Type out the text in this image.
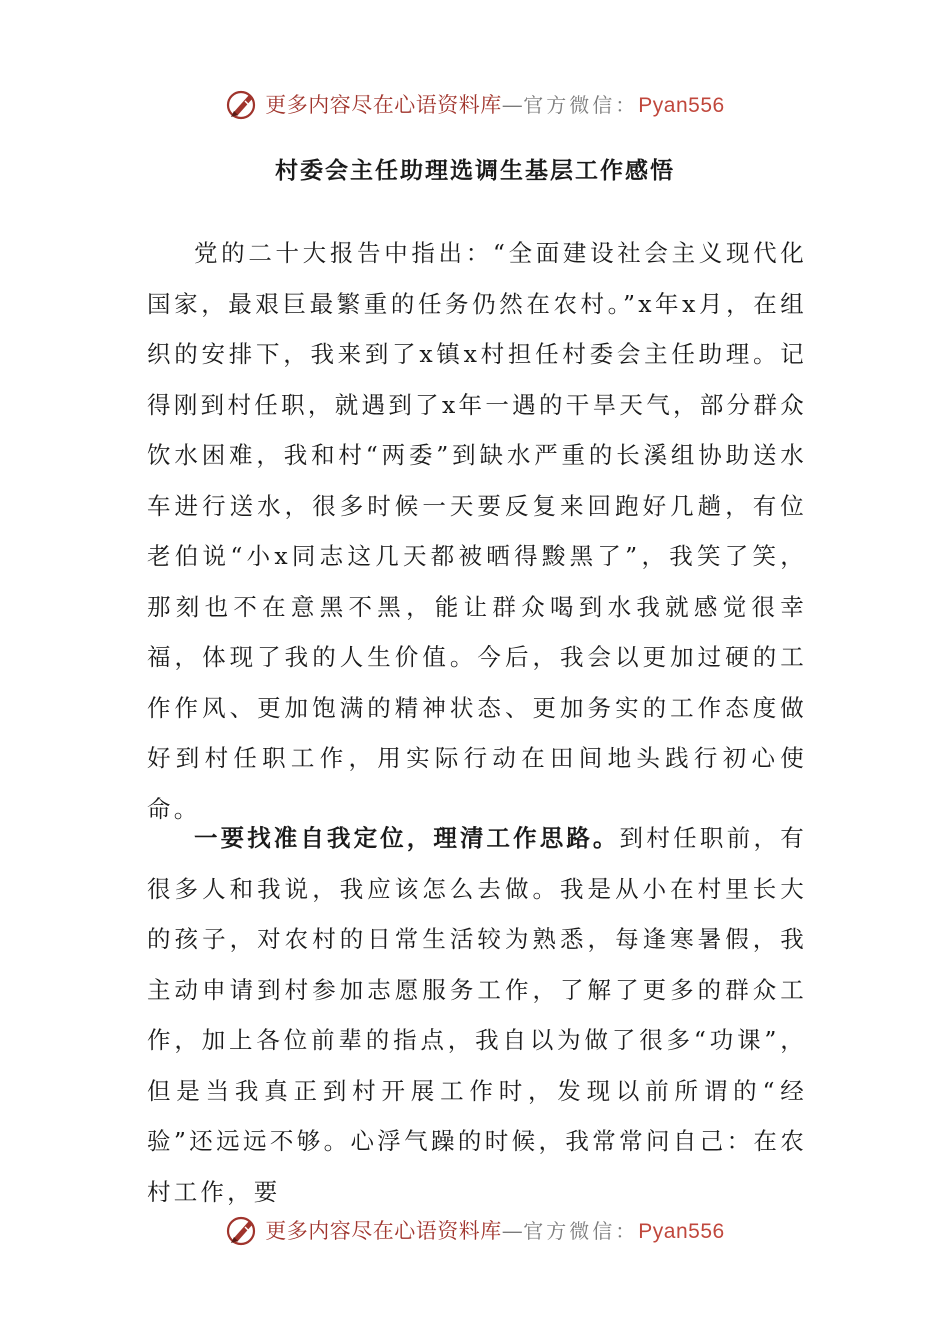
更多内容尽在心语资料库—官方微信：Pyan556
村委会主任助理选调生基层工作感悟

党的二十大报告中指出：“全面建设社会主义现代化国家，最艰巨最繁重的任务仍然在农村。”x年x月，在组织的安排下，我来到了x镇x村担任村委会主任助理。记得刚到村任职，就遇到了x年一遇的干旱天气，部分群众饮水困难，我和村“两委”到缺水严重的长溪组协助送水车进行送水，很多时候一天要反复来回跑好几趟，有位老伯说“小x同志这几天都被晒得黢黑了”，我笑了笑，那刻也不在意黑不黑，能让群众喝到水我就感觉很幸福，体现了我的人生价值。今后，我会以更加过硬的工作作风、更加饱满的精神状态、更加务实的工作态度做好到村任职工作，用实际行动在田间地头践行初心使命。

一要找准自我定位，理清工作思路。到村任职前，有很多人和我说，我应该怎么去做。我是从小在村里长大的孩子，对农村的日常生活较为熟悉，每逢寒暑假，我主动申请到村参加志愿服务工作，了解了更多的群众工作，加上各位前辈的指点，我自以为做了很多“功课”，但是当我真正到村开展工作时，发现以前所谓的“经验”还远远不够。心浮气躁的时候，我常常问自己：在农村工作，要

更多内容尽在心语资料库—官方微信：Pyan556
